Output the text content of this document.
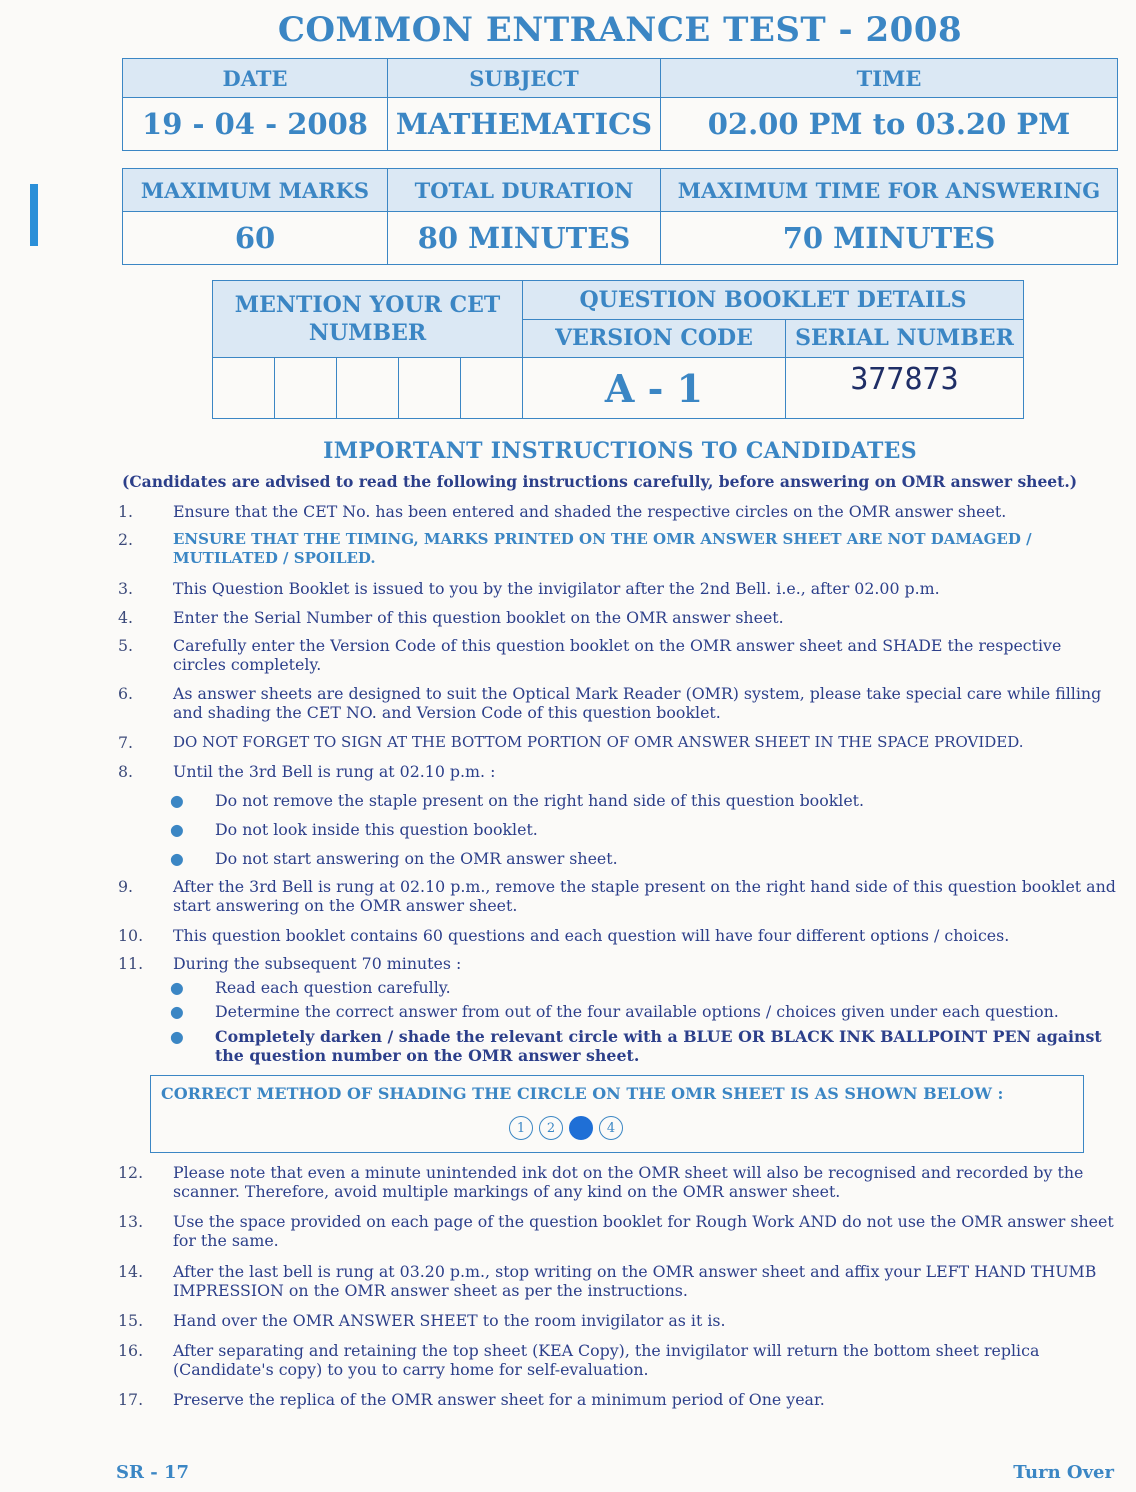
COMMON ENTRANCE TEST - 2008
DATE	SUBJECT	TIME
19 - 04 - 2008	MATHEMATICS	02.00 PM to 03.20 PM
MAXIMUM MARKS	TOTAL DURATION	MAXIMUM TIME FOR ANSWERING
60	80 MINUTES	70 MINUTES
MENTION YOUR CET NUMBER					QUESTION BOOKLET DETAILS	
					VERSION CODE	SERIAL NUMBER
					A - 1	377873
IMPORTANT INSTRUCTIONS TO CANDIDATES
(Candidates are advised to read the following instructions carefully, before answering on OMR answer sheet.)
1.	Ensure that the CET No. has been entered and shaded the respective circles on the OMR answer sheet.
2.	ENSURE THAT THE TIMING, MARKS PRINTED ON THE OMR ANSWER SHEET ARE NOT DAMAGED / MUTILATED / SPOILED.
3.	This Question Booklet is issued to you by the invigilator after the 2nd Bell. i.e., after 02.00 p.m.
4.	Enter the Serial Number of this question booklet on the OMR answer sheet.
5.	Carefully enter the Version Code of this question booklet on the OMR answer sheet and SHADE the respective circles completely.
6.	As answer sheets are designed to suit the Optical Mark Reader (OMR) system, please take special care while filling and shading the CET NO. and Version Code of this question booklet.
7.	DO NOT FORGET TO SIGN AT THE BOTTOM PORTION OF OMR ANSWER SHEET IN THE SPACE PROVIDED.
8.	Until the 3rd Bell is rung at 02.10 p.m. :
● Do not remove the staple present on the right hand side of this question booklet.
● Do not look inside this question booklet.
● Do not start answering on the OMR answer sheet.
9.	After the 3rd Bell is rung at 02.10 p.m., remove the staple present on the right hand side of this question booklet and start answering on the OMR answer sheet.
10.	This question booklet contains 60 questions and each question will have four different options / choices.
11.	During the subsequent 70 minutes :
● Read each question carefully.
● Determine the correct answer from out of the four available options / choices given under each question.
● Completely darken / shade the relevant circle with a BLUE OR BLACK INK BALLPOINT PEN against the question number on the OMR answer sheet.
CORRECT METHOD OF SHADING THE CIRCLE ON THE OMR SHEET IS AS SHOWN BELOW :
1	2	4
12.	Please note that even a minute unintended ink dot on the OMR sheet will also be recognised and recorded by the scanner. Therefore, avoid multiple markings of any kind on the OMR answer sheet.
13.	Use the space provided on each page of the question booklet for Rough Work AND do not use the OMR answer sheet for the same.
14.	After the last bell is rung at 03.20 p.m., stop writing on the OMR answer sheet and affix your LEFT HAND THUMB IMPRESSION on the OMR answer sheet as per the instructions.
15.	Hand over the OMR ANSWER SHEET to the room invigilator as it is.
16.	After separating and retaining the top sheet (KEA Copy), the invigilator will return the bottom sheet replica (Candidate's copy) to you to carry home for self-evaluation.
17.	Preserve the replica of the OMR answer sheet for a minimum period of One year.
SR - 17	Turn Over
